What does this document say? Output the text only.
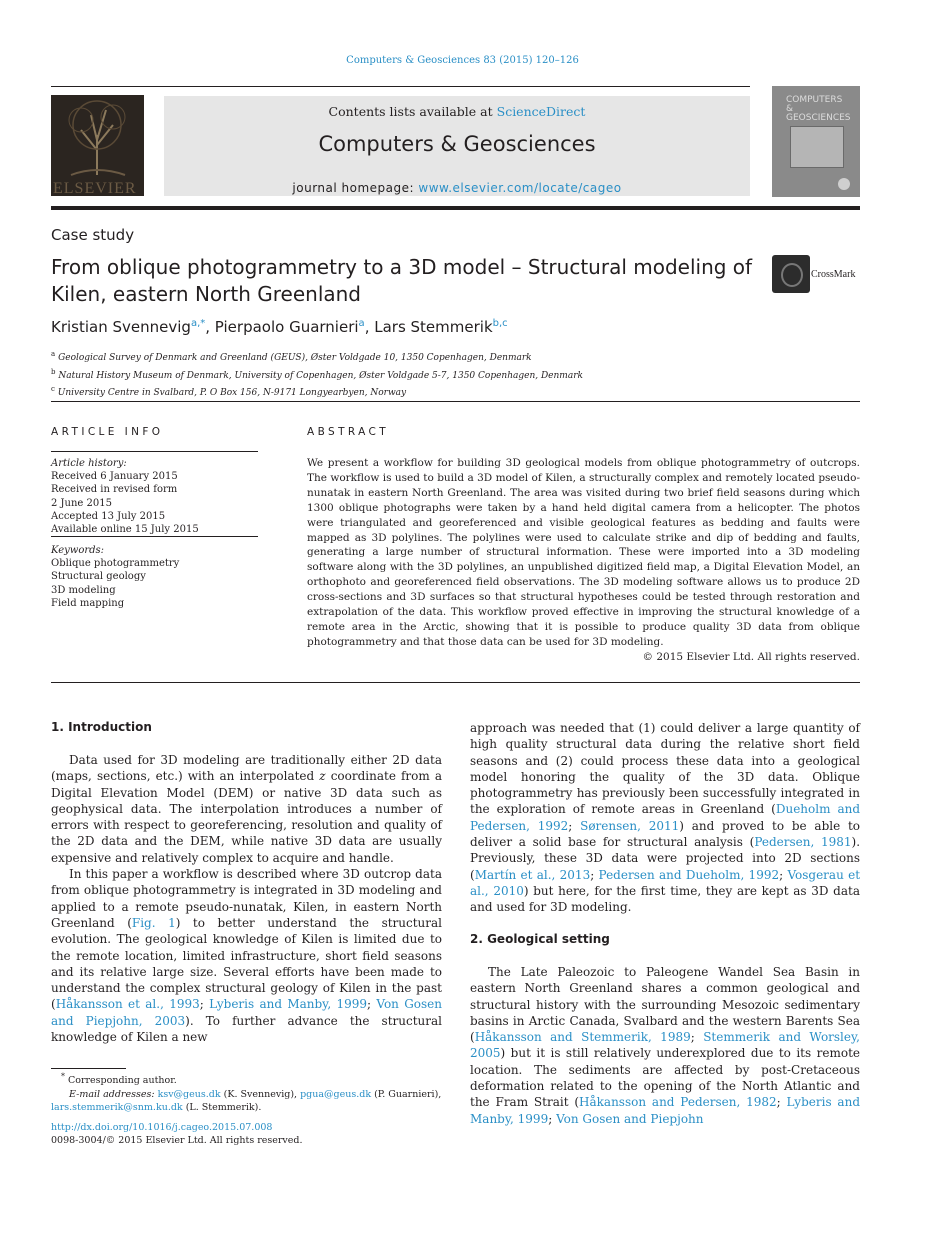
Computers & Geosciences 83 (2015) 120–126
ELSEVIER
Contents lists available at ScienceDirect
Computers & Geosciences
journal homepage: www.elsevier.com/locate/cageo
COMPUTERS & GEOSCIENCES
Case study
From oblique photogrammetry to a 3D model – Structural modeling of Kilen, eastern North Greenland
CrossMark
Kristian Svennevig$^{a,*}$, Pierpaolo Guarnieri$^a$, Lars Stemmerik$^{b,c}$
$^a$ Geological Survey of Denmark and Greenland (GEUS), Øster Voldgade 10, 1350 Copenhagen, Denmark
$^b$ Natural History Museum of Denmark, University of Copenhagen, Øster Voldgade 5-7, 1350 Copenhagen, Denmark
$^c$ University Centre in Svalbard, P. O Box 156, N-9171 Longyearbyen, Norway
ARTICLE INFO
Article history:
Received 6 January 2015
Received in revised form
2 June 2015
Accepted 13 July 2015
Available online 15 July 2015
Keywords:
Oblique photogrammetry
Structural geology
3D modeling
Field mapping
ABSTRACT
We present a workflow for building 3D geological models from oblique photogrammetry of outcrops. The workflow is used to build a 3D model of Kilen, a structurally complex and remotely located pseudo-nunatak in eastern North Greenland. The area was visited during two brief field seasons during which 1300 oblique photographs were taken by a hand held digital camera from a helicopter. The photos were triangulated and georeferenced and visible geological features as bedding and faults were mapped as 3D polylines. The polylines were used to calculate strike and dip of bedding and faults, generating a large number of structural information. These were imported into a 3D modeling software along with the 3D polylines, an unpublished digitized field map, a Digital Elevation Model, an orthophoto and georeferenced field observations. The 3D modeling software allows us to produce 2D cross-sections and 3D surfaces so that structural hypotheses could be tested through restoration and extrapolation of the data. This workflow proved effective in improving the structural knowledge of a remote area in the Arctic, showing that it is possible to produce quality 3D data from oblique photogrammetry and that those data can be used for 3D modeling.
© 2015 Elsevier Ltd. All rights reserved.
1. Introduction

Data used for 3D modeling are traditionally either 2D data (maps, sections, etc.) with an interpolated z coordinate from a Digital Elevation Model (DEM) or native 3D data such as geophysical data. The interpolation introduces a number of errors with respect to georeferencing, resolution and quality of the 2D data and the DEM, while native 3D data are usually expensive and relatively complex to acquire and handle.

In this paper a workflow is described where 3D outcrop data from oblique photogrammetry is integrated in 3D modeling and applied to a remote pseudo-nunatak, Kilen, in eastern North Greenland (Fig. 1) to better understand the structural evolution. The geological knowledge of Kilen is limited due to the remote location, limited infrastructure, short field seasons and its relative large size. Several efforts have been made to understand the complex structural geology of Kilen in the past (Håkansson et al., 1993; Lyberis and Manby, 1999; Von Gosen and Piepjohn, 2003). To further advance the structural knowledge of Kilen a new

* Corresponding author.
E-mail addresses: ksv@geus.dk (K. Svennevig), pgua@geus.dk (P. Guarnieri),
lars.stemmerik@snm.ku.dk (L. Stemmerik).
http://dx.doi.org/10.1016/j.cageo.2015.07.008
0098-3004/© 2015 Elsevier Ltd. All rights reserved.

approach was needed that (1) could deliver a large quantity of high quality structural data during the relative short field seasons and (2) could process these data into a geological model honoring the quality of the 3D data. Oblique photogrammetry has previously been successfully integrated in the exploration of remote areas in Greenland (Dueholm and Pedersen, 1992; Sørensen, 2011) and proved to be able to deliver a solid base for structural analysis (Pedersen, 1981). Previously, these 3D data were projected into 2D sections (Martín et al., 2013; Pedersen and Dueholm, 1992; Vosgerau et al., 2010) but here, for the first time, they are kept as 3D data and used for 3D modeling.

2. Geological setting

The Late Paleozoic to Paleogene Wandel Sea Basin in eastern North Greenland shares a common geological and structural history with the surrounding Mesozoic sedimentary basins in Arctic Canada, Svalbard and the western Barents Sea (Håkansson and Stemmerik, 1989; Stemmerik and Worsley, 2005) but it is still relatively underexplored due to its remote location. The sediments are affected by post-Cretaceous deformation related to the opening of the North Atlantic and the Fram Strait (Håkansson and Pedersen, 1982; Lyberis and Manby, 1999; Von Gosen and Piepjohn
